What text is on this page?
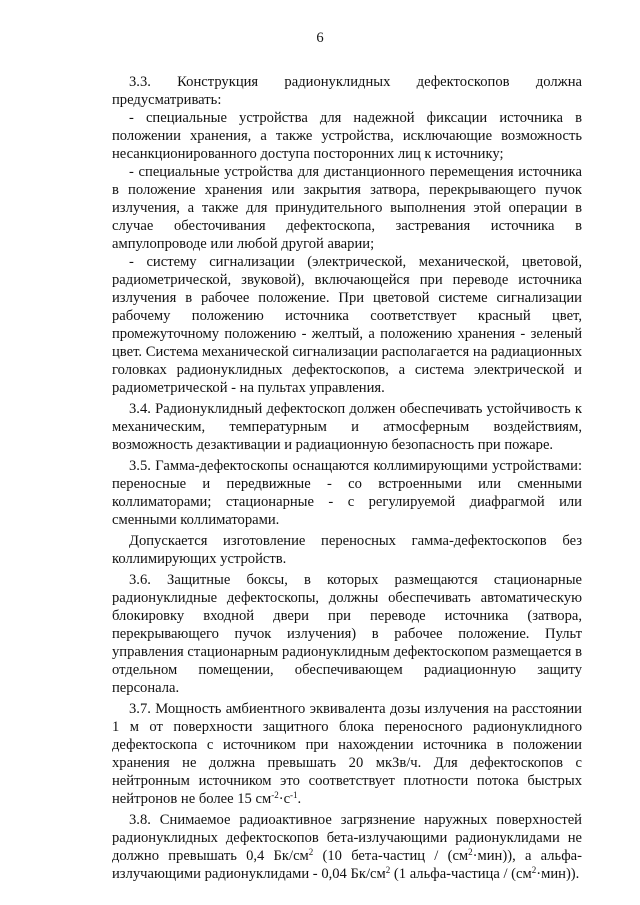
6

3.3. Конструкция радионуклидных дефектоскопов должна предусматривать:

- специальные устройства для надежной фиксации источника в положении хранения, а также устройства, исключающие возможность несанкционированного доступа посторонних лиц к источнику;

- специальные устройства для дистанционного перемещения источника в положение хранения или закрытия затвора, перекрывающего пучок излучения, а также для принудительного выполнения этой операции в случае обесточивания дефектоскопа, застревания источника в ампулопроводе или любой другой аварии;

- систему сигнализации (электрической, механической, цветовой, радиометрической, звуковой), включающейся при переводе источника излучения в рабочее положение. При цветовой системе сигнализации рабочему положению источника соответствует красный цвет, промежуточному положению - желтый, а положению хранения - зеленый цвет. Система механической сигнализации располагается на радиационных головках радионуклидных дефектоскопов, а система электрической и радиометрической - на пультах управления.

3.4. Радионуклидный дефектоскоп должен обеспечивать устойчивость к механическим, температурным и атмосферным воздействиям, возможность дезактивации и радиационную безопасность при пожаре.

3.5. Гамма-дефектоскопы оснащаются коллимирующими устройствами: переносные и передвижные - со встроенными или сменными коллиматорами; стационарные - с регулируемой диафрагмой или сменными коллиматорами.

Допускается изготовление переносных гамма-дефектоскопов без коллимирующих устройств.

3.6. Защитные боксы, в которых размещаются стационарные радионуклидные дефектоскопы, должны обеспечивать автоматическую блокировку входной двери при переводе источника (затвора, перекрывающего пучок излучения) в рабочее положение. Пульт управления стационарным радионуклидным дефектоскопом размещается в отдельном помещении, обеспечивающем радиационную защиту персонала.

3.7. Мощность амбиентного эквивалента дозы излучения на расстоянии 1 м от поверхности защитного блока переносного радионуклидного дефектоскопа с источником при нахождении источника в положении хранения не должна превышать 20 мкЗв/ч. Для дефектоскопов с нейтронным источником это соответствует плотности потока быстрых нейтронов не более 15 $см^{-2}\cdot с^{-1}$.

3.8. Снимаемое радиоактивное загрязнение наружных поверхностей радионуклидных дефектоскопов бета-излучающими радионуклидами не должно превышать 0,4 $Бк/см^2$ (10 бета-частиц / $(см^2\cdot мин)$), а альфа-излучающими радионуклидами - 0,04 $Бк/см^2$ (1 альфа-частица / $(см^2\cdot мин)$).
